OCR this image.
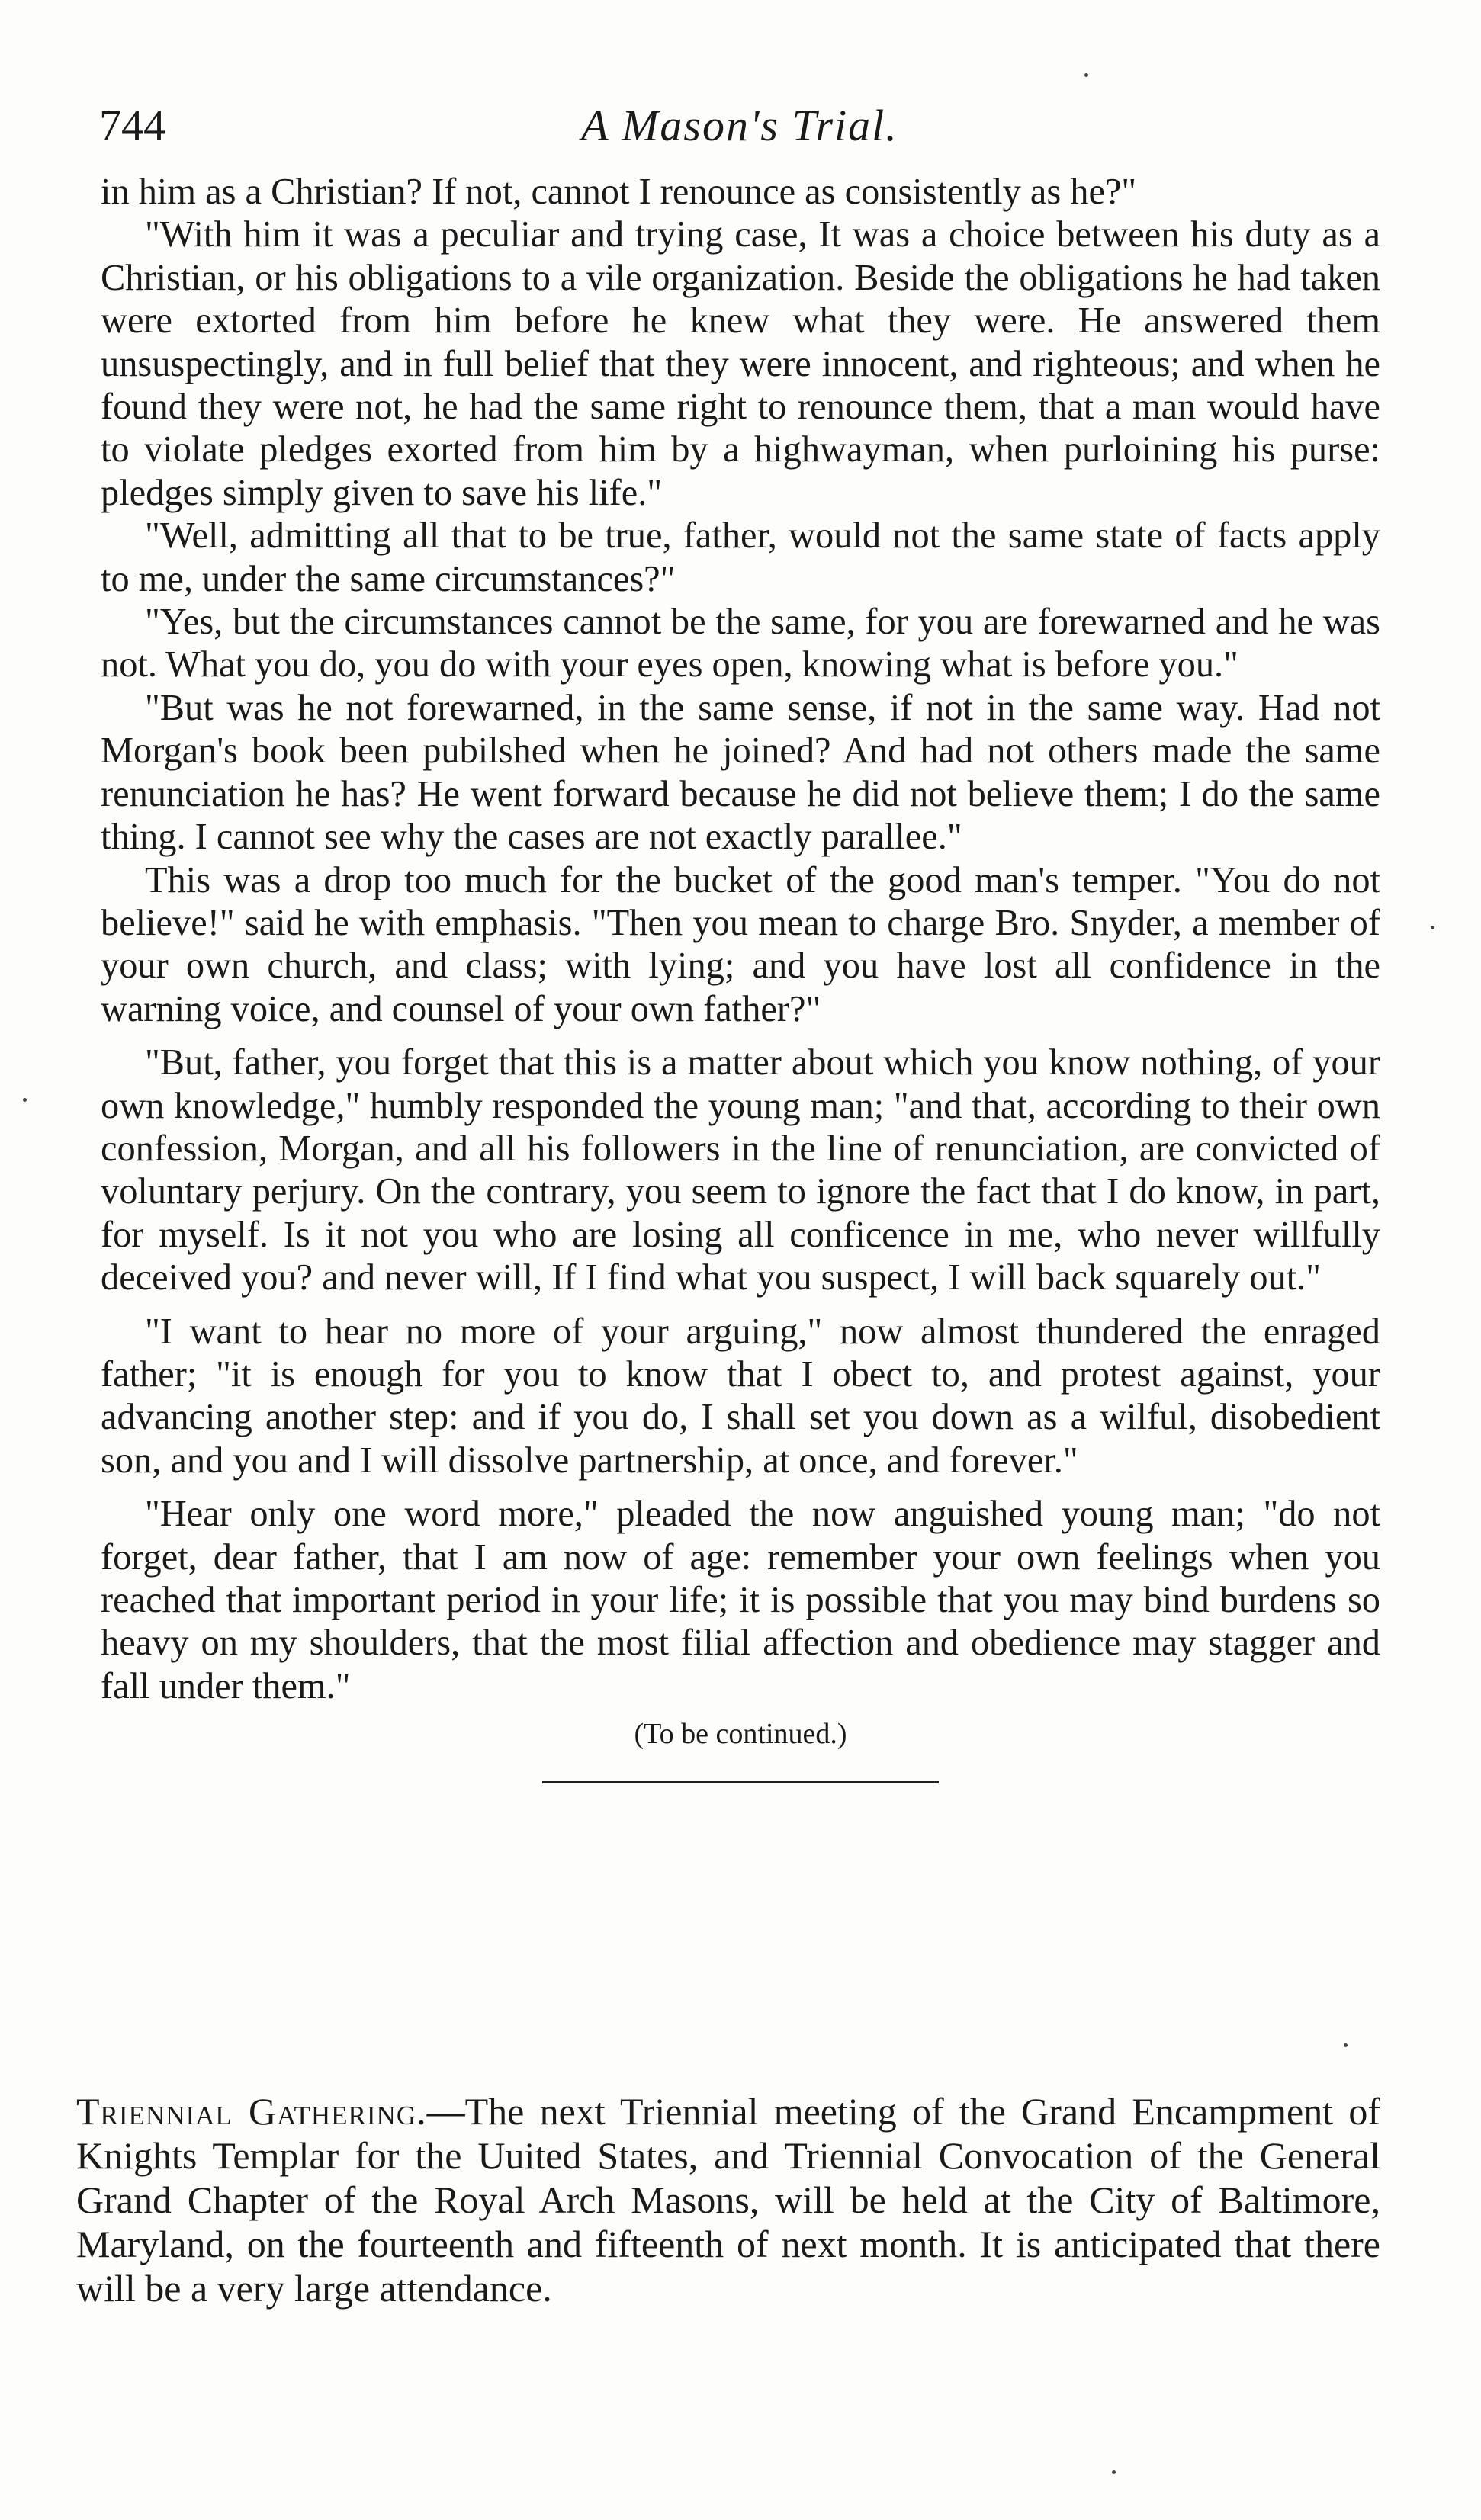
744	A Mason's Trial.

in him as a Christian? If not, cannot I renounce as consistently as he?"

"With him it was a peculiar and trying case, It was a choice between his duty as a Christian, or his obligations to a vile organization. Beside the obligations he had taken were extorted from him before he knew what they were. He answered them unsuspectingly, and in full belief that they were innocent, and righteous; and when he found they were not, he had the same right to renounce them, that a man would have to violate pledges exorted from him by a highwayman, when purloining his purse: pledges simply given to save his life."

"Well, admitting all that to be true, father, would not the same state of facts apply to me, under the same circumstances?"

"Yes, but the circumstances cannot be the same, for you are forewarned and he was not. What you do, you do with your eyes open, knowing what is before you."

"But was he not forewarned, in the same sense, if not in the same way. Had not Morgan's book been pubilshed when he joined? And had not others made the same renunciation he has? He went forward because he did not believe them; I do the same thing. I cannot see why the cases are not exactly parallee."

This was a drop too much for the bucket of the good man's temper. "You do not believe!" said he with emphasis. "Then you mean to charge Bro. Snyder, a member of your own church, and class; with lying; and you have lost all confidence in the warning voice, and counsel of your own father?"

"But, father, you forget that this is a matter about which you know nothing, of your own knowledge," humbly responded the young man; "and that, according to their own confession, Morgan, and all his followers in the line of renunciation, are convicted of voluntary perjury. On the contrary, you seem to ignore the fact that I do know, in part, for myself. Is it not you who are losing all conficence in me, who never willfully deceived you? and never will, If I find what you suspect, I will back squarely out."

"I want to hear no more of your arguing," now almost thundered the enraged father; "it is enough for you to know that I obect to, and protest against, your advancing another step: and if you do, I shall set you down as a wilful, disobedient son, and you and I will dissolve partnership, at once, and forever."

"Hear only one word more," pleaded the now anguished young man; "do not forget, dear father, that I am now of age: remember your own feelings when you reached that important period in your life; it is possible that you may bind burdens so heavy on my shoulders, that the most filial affection and obedience may stagger and fall under them."

(To be continued.)

Triennial Gathering.—The next Triennial meeting of the Grand Encampment of Knights Templar for the Uuited States, and Triennial Convocation of the General Grand Chapter of the Royal Arch Masons, will be held at the City of Baltimore, Maryland, on the fourteenth and fifteenth of next month. It is anticipated that there will be a very large attendance.
